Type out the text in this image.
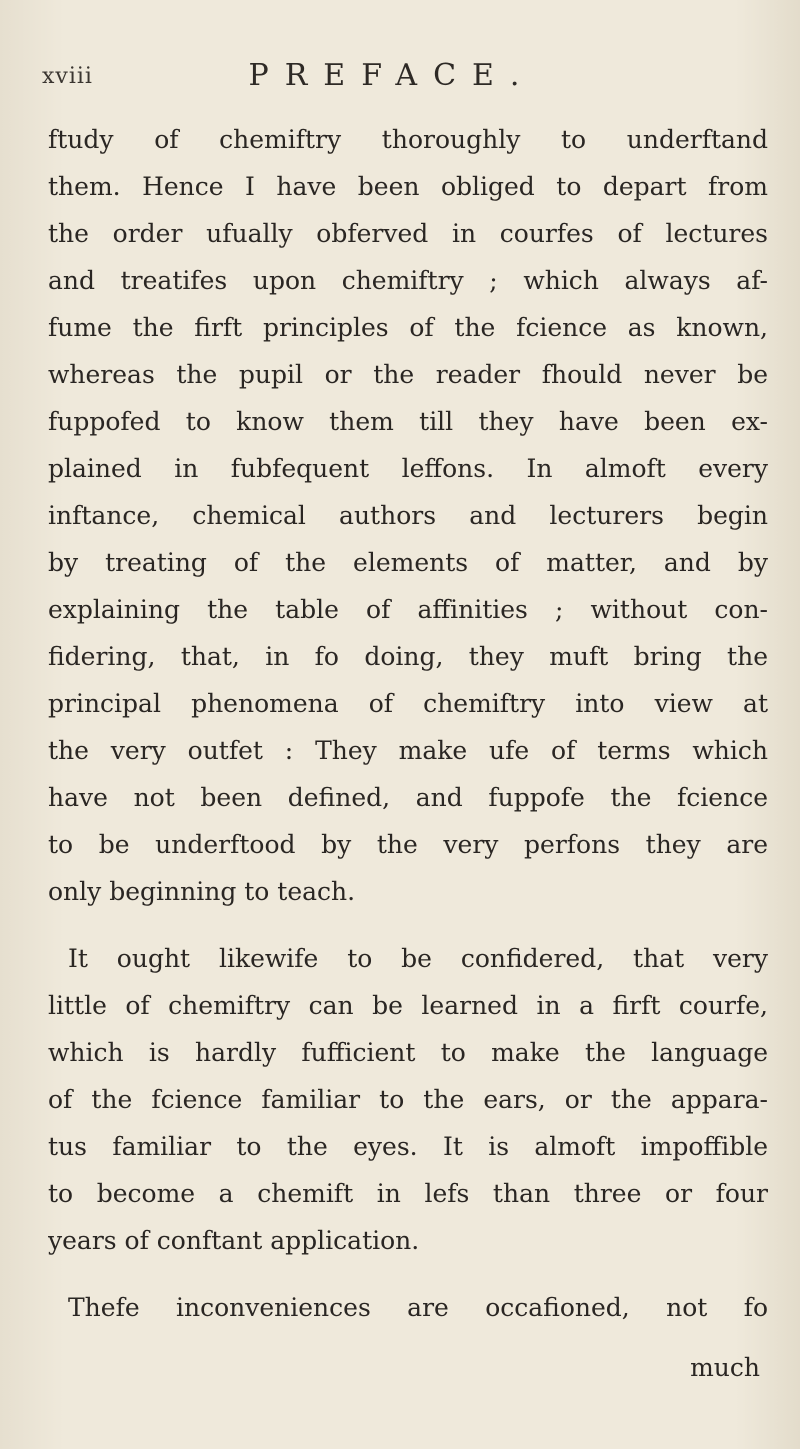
xviii	PREFACE.
ftudy of chemiftry thoroughly to underftand
them. Hence I have been obliged to depart from
the order ufually obferved in courfes of lectures
and treatifes upon chemiftry ; which always af-
fume the firft principles of the fcience as known,
whereas the pupil or the reader fhould never be
fuppofed to know them till they have been ex-
plained in fubfequent leffons. In almoft every
inftance, chemical authors and lecturers begin
by treating of the elements of matter, and by
explaining the table of affinities ; without con-
fidering, that, in fo doing, they muft bring the
principal phenomena of chemiftry into view at
the very outfet : They make ufe of terms which
have not been defined, and fuppofe the fcience
to be underftood by the very perfons they are
only beginning to teach.
It ought likewife to be confidered, that very
little of chemiftry can be learned in a firft courfe,
which is hardly fufficient to make the language
of the fcience familiar to the ears, or the appara-
tus familiar to the eyes. It is almoft impoffible
to become a chemift in lefs than three or four
years of conftant application.
Thefe inconveniences are occafioned, not fo
much
